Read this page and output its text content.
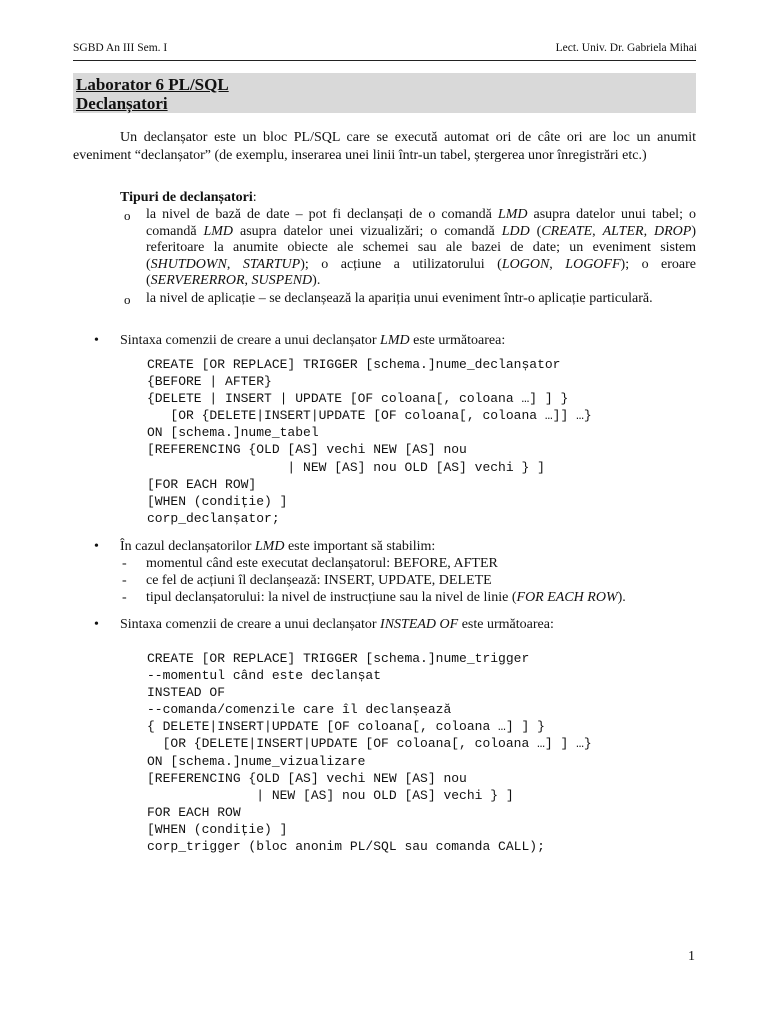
SGBD An III Sem. I	Lect. Univ. Dr. Gabriela Mihai
Laborator 6 PL/SQL
Declanșatori

Un declanșator este un bloc PL/SQL care se execută automat ori de câte ori are loc un anumit eveniment “declanșator” (de exemplu, inserarea unei linii într-un tabel, ștergerea unor înregistrări etc.)

Tipuri de declanșatori:
o la nivel de bază de date – pot fi declanșați de o comandă LMD asupra datelor unui tabel; o comandă LMD asupra datelor unei vizualizări; o comandă LDD (CREATE, ALTER, DROP) referitoare la anumite obiecte ale schemei sau ale bazei de date; un eveniment sistem (SHUTDOWN, STARTUP); o acțiune a utilizatorului (LOGON, LOGOFF); o eroare (SERVERERROR, SUSPEND).
o la nivel de aplicație – se declanșează la apariția unui eveniment într-o aplicație particulară.
• Sintaxa comenzii de creare a unui declanșator LMD este următoarea:
CREATE [OR REPLACE] TRIGGER [schema.]nume_declanșator
{BEFORE | AFTER}
{DELETE | INSERT | UPDATE [OF coloana[, coloana …] ] }
[OR {DELETE|INSERT|UPDATE [OF coloana[, coloana …]] …}
ON [schema.]nume_tabel
[REFERENCING {OLD [AS] vechi NEW [AS] nou
| NEW [AS] nou OLD [AS] vechi } ]
[FOR EACH ROW]
[WHEN (condiție) ]
corp_declanșator;
• În cazul declanșatorilor LMD este important să stabilim:
- momentul când este executat declanșatorul: BEFORE, AFTER
- ce fel de acțiuni îl declanșează: INSERT, UPDATE, DELETE
- tipul declanșatorului: la nivel de instrucțiune sau la nivel de linie (FOR EACH ROW).
• Sintaxa comenzii de creare a unui declanșator INSTEAD OF este următoarea:
CREATE [OR REPLACE] TRIGGER [schema.]nume_trigger
--momentul când este declanșat
INSTEAD OF
--comanda/comenzile care îl declanșează
{ DELETE|INSERT|UPDATE [OF coloana[, coloana …] ] }
[OR {DELETE|INSERT|UPDATE [OF coloana[, coloana …] ] …}
ON [schema.]nume_vizualizare
[REFERENCING {OLD [AS] vechi NEW [AS] nou
| NEW [AS] nou OLD [AS] vechi } ]
FOR EACH ROW
[WHEN (condiție) ]
corp_trigger (bloc anonim PL/SQL sau comanda CALL);
1
